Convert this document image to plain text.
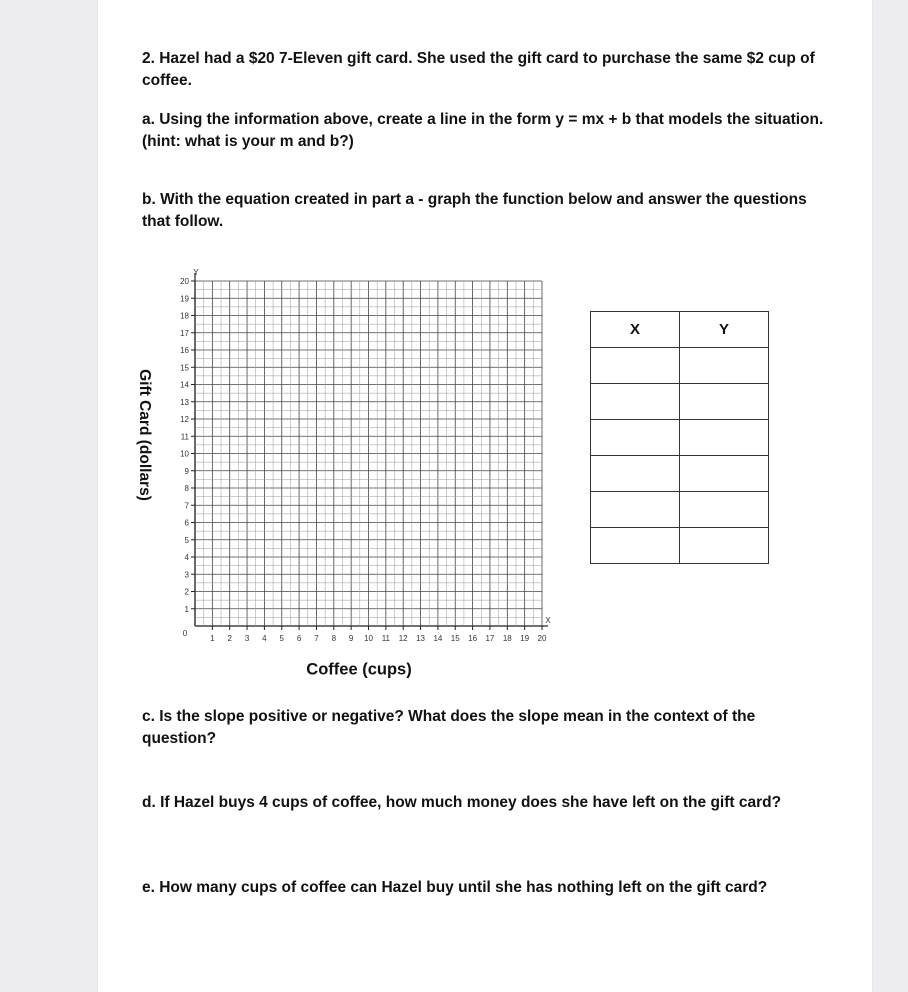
2. Hazel had a $20 7-Eleven gift card. She used the gift card to purchase the same $2 cup of coffee.

a. Using the information above, create a line in the form y = mx + b that models the situation. (hint: what is your m and b?)

b. With the equation created in part a - graph the function below and answer the questions that follow.

1
2
3
4
5
6
7
8
9
10
11
12
13
14
15
16
17
18
19
20
1 2 3 4 5 6 7 8 9 10 11 12 13 14 15 16 17 18 19 20
0
Y
X
Gift Card (dollars)
Coffee (cups)
X	Y

c. Is the slope positive or negative? What does the slope mean in the context of the question?

d. If Hazel buys 4 cups of coffee, how much money does she have left on the gift card?

e. How many cups of coffee can Hazel buy until she has nothing left on the gift card?
